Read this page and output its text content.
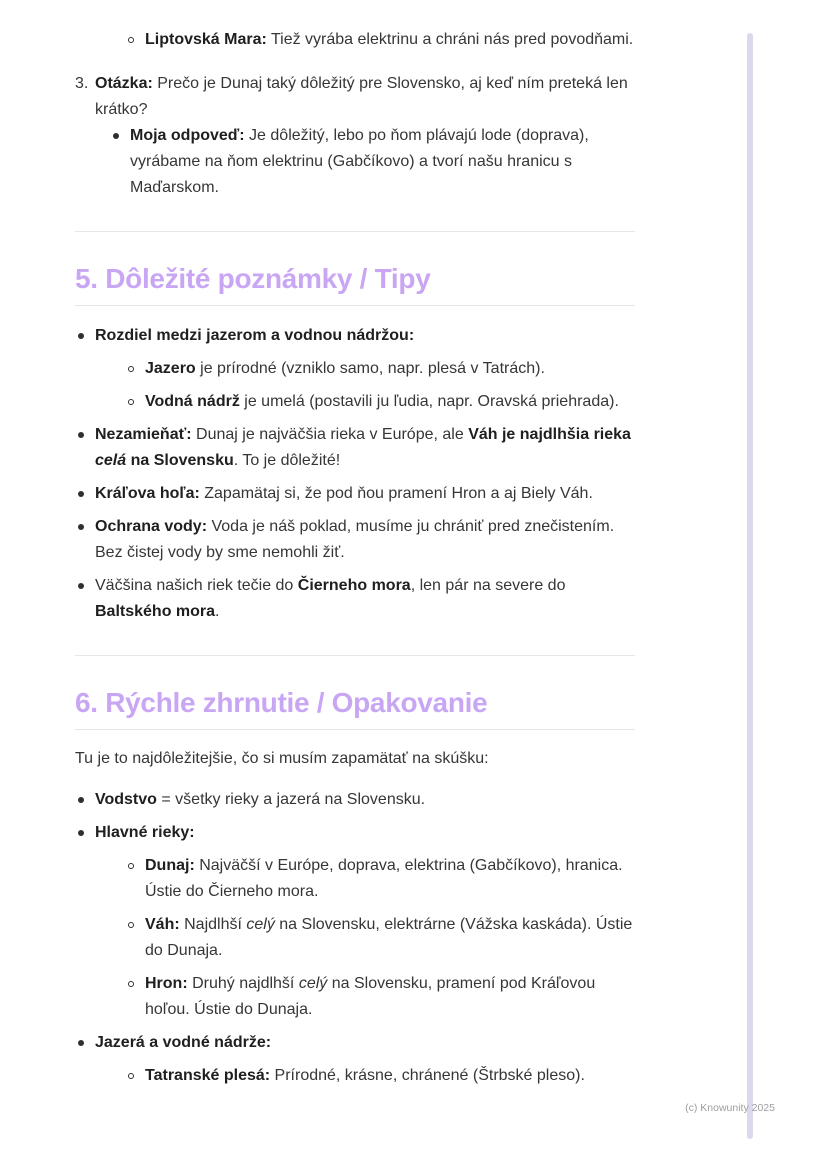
Liptovská Mara: Tiež vyrába elektrinu a chráni nás pred povodňami.
3. Otázka: Prečo je Dunaj taký dôležitý pre Slovensko, aj keď ním preteká len krátko?
Moja odpoveď: Je dôležitý, lebo po ňom plávajú lode (doprava), vyrábame na ňom elektrinu (Gabčíkovo) a tvorí našu hranicu s Maďarskom.
5. Dôležité poznámky / Tipy
Rozdiel medzi jazerom a vodnou nádržou:
Jazero je prírodné (vzniklo samo, napr. plesá v Tatrách).
Vodná nádrž je umelá (postavili ju ľudia, napr. Oravská priehrada).
Nezamieňať: Dunaj je najväčšia rieka v Európe, ale Váh je najdlhšia rieka celá na Slovensku. To je dôležité!
Kráľova hoľa: Zapamätaj si, že pod ňou pramení Hron a aj Biely Váh.
Ochrana vody: Voda je náš poklad, musíme ju chrániť pred znečistením. Bez čistej vody by sme nemohli žiť.
Väčšina našich riek tečie do Čierneho mora, len pár na severe do Baltského mora.
6. Rýchle zhrnutie / Opakovanie

Tu je to najdôležitejšie, čo si musím zapamätať na skúšku:

Vodstvo = všetky rieky a jazerá na Slovensku.
Hlavné rieky:
Dunaj: Najväčší v Európe, doprava, elektrina (Gabčíkovo), hranica. Ústie do Čierneho mora.
Váh: Najdlhší celý na Slovensku, elektrárne (Vážska kaskáda). Ústie do Dunaja.
Hron: Druhý najdlhší celý na Slovensku, pramení pod Kráľovou hoľou. Ústie do Dunaja.
Jazerá a vodné nádrže:
Tatranské plesá: Prírodné, krásne, chránené (Štrbské pleso).
(c) Knowunity 2025
